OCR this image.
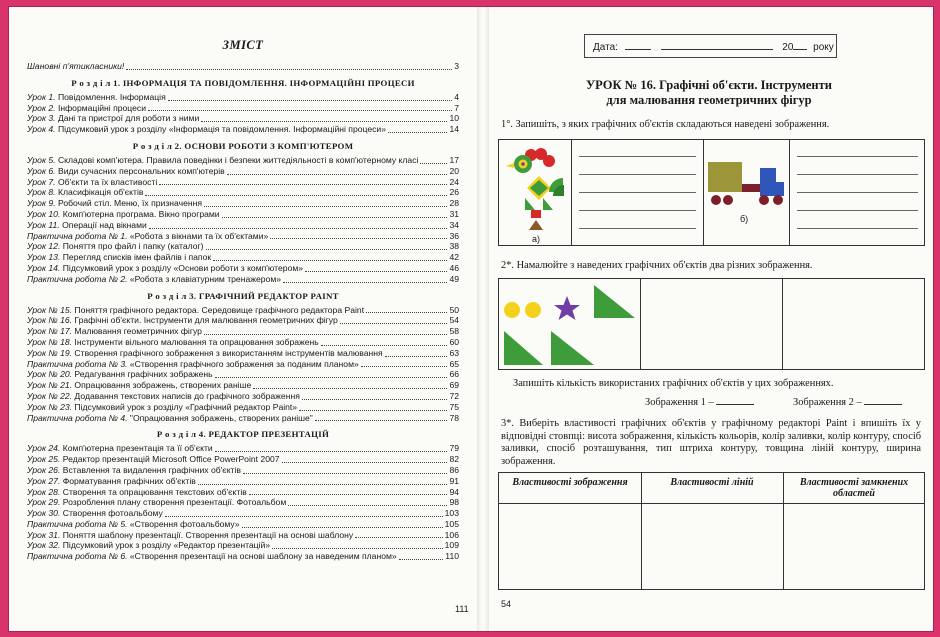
ЗМІСТ
Шановні п'ятикласники!	3
Р о з д і л 1. ІНФОРМАЦІЯ ТА ПОВІДОМЛЕННЯ. ІНФОРМАЦІЙНІ ПРОЦЕСИ
Урок 1. Повідомлення. Інформація	4
Урок 2. Інформаційні процеси	7
Урок 3. Дані та пристрої для роботи з ними	10
Урок 4. Підсумковий урок з розділу «Інформація та повідомлення. Інформаційні процеси»	14
Р о з д і л 2. ОСНОВИ РОБОТИ З КОМП'ЮТЕРОМ
Урок 5. Складові комп'ютера. Правила поведінки і безпеки життєдіяльності в комп'ютерному класі	17
Урок 6. Види сучасних персональних комп'ютерів	20
Урок 7. Об'єкти та їх властивості	24
Урок 8. Класифікація об'єктів	26
Урок 9. Робочий стіл. Меню, їх призначення	28
Урок 10. Комп'ютерна програма. Вікно програми	31
Урок 11. Операції над вікнами	34
Практична робота № 1. «Робота з вікнами та їх об'єктами»	36
Урок 12. Поняття про файл і папку (каталог)	38
Урок 13. Перегляд списків імен файлів і папок	42
Урок 14. Підсумковий урок з розділу «Основи роботи з комп'ютером»	46
Практична робота № 2. «Робота з клавіатурним тренажером»	49
Р о з д і л 3. ГРАФІЧНИЙ РЕДАКТОР PAINT
Урок № 15. Поняття графічного редактора. Середовище графічного редактора Paint	50
Урок № 16. Графічні об'єкти. Інструменти для малювання геометричних фігур	54
Урок № 17. Малювання геометричних фігур	58
Урок № 18. Інструменти вільного малювання та опрацювання зображень	60
Урок № 19. Створення графічного зображення з використанням інструментів малювання	63
Практична робота № 3. «Створення графічного зображення за поданим планом»	65
Урок № 20. Редагування графічних зображень	66
Урок № 21. Опрацювання зображень, створених раніше	69
Урок № 22. Додавання текстових написів до графічного зображення	72
Урок № 23. Підсумковий урок з розділу «Графічний редактор Paint»	75
Практична робота № 4. "Опрацювання зображень, створених раніше"	78
Р о з д і л 4. РЕДАКТОР ПРЕЗЕНТАЦІЙ
Урок 24. Комп'ютерна презентація та її об'єкти	79
Урок 25. Редактор презентацій Microsoft Office PowerPoint 2007	82
Урок 26. Вставлення та видалення графічних об'єктів	86
Урок 27. Форматування графічних об'єктів	91
Урок 28. Створення та опрацювання текстових об'єктів	94
Урок 29. Розроблення плану створення презентації. Фотоальбом	98
Урок 30. Створення фотоальбому	103
Практична робота № 5. «Створення фотоальбому»	105
Урок 31. Поняття шаблону презентації. Створення презентації на основі шаблону	106
Урок 32. Підсумковий урок з розділу «Редактор презентацій»	109
Практична робота № 6. «Створення презентації на основі шаблону за наведеним планом»	110
111
Дата:	20 року
УРОК № 16. Графічні об'єкти. Інструменти
для малювання геометричних фігур
1°. Запишіть, з яких графічних об'єктів складаються наведені зображення.
а)
б)
2*. Намалюйте з наведених графічних об'єктів два різних зображення.
Запишіть кількість використаних графічних об'єктів у цих зображеннях.
Зображення 1 –	Зображення 2 –
3*. Виберіть властивості графічних об'єктів у графічному редакторі Paint і впишіть їх у відповідні стовпці: висота зображення, кількість кольорів, колір заливки, колір контуру, спосіб заливки, спосіб розташування, тип штриха контуру, товщина ліній контуру, ширина зображення.
Властивості зображення	Властивості ліній	Властивості замкнених областей
54
